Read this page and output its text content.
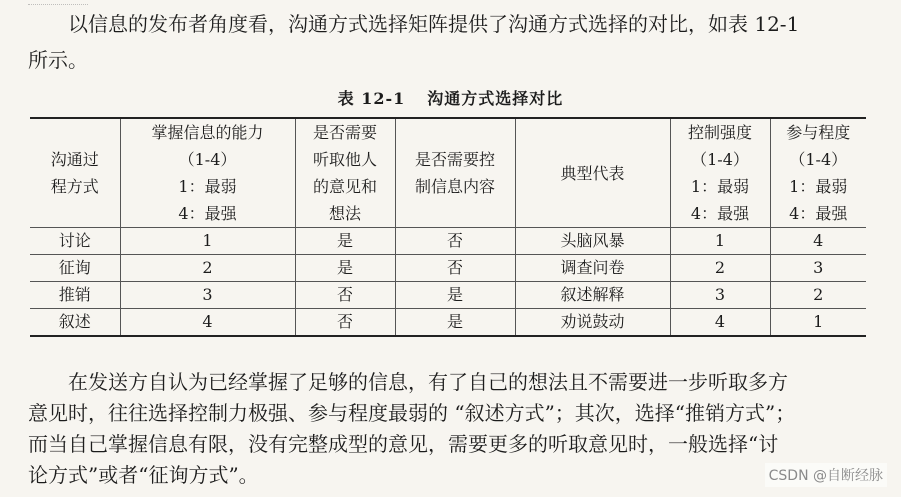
以信息的发布者角度看，沟通方式选择矩阵提供了沟通方式选择的对比，如表 12-1
所示。
表 12-1 沟通方式选择对比
沟通过
程方式	掌握信息的能力
（1-4）
1：最弱
4：最强	是否需要
听取他人
的意见和
想法	是否需要控
制信息内容	典型代表	控制强度
（1-4）
1：最弱
4：最强	参与程度
（1-4）
1：最弱
4：最强

讨论	1	是	否	头脑风暴	1	4
征询	2	是	否	调查问卷	2	3
推销	3	否	是	叙述解释	3	2
叙述	4	否	是	劝说鼓动	4	1
在发送方自认为已经掌握了足够的信息，有了自己的想法且不需要进一步听取多方
意见时，往往选择控制力极强、参与程度最弱的 “叙述方式”；其次，选择“推销方式”；
而当自己掌握信息有限，没有完整成型的意见，需要更多的听取意见时，一般选择“讨
论方式”或者“征询方式”。	CSDN @自断经脉
